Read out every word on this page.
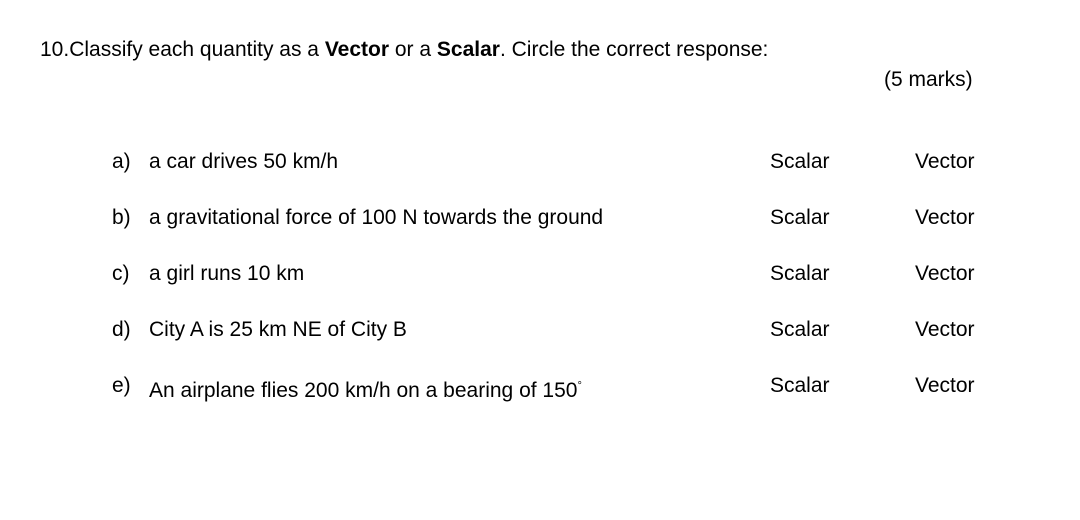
10.Classify each quantity as a Vector or a Scalar. Circle the correct response:
(5 marks)
a) a car drives 50 km/h	Scalar	Vector
b) a gravitational force of 100 N towards the ground	Scalar	Vector
c) a girl runs 10 km	Scalar	Vector
d) City A is 25 km NE of City B	Scalar	Vector
e) An airplane flies 200 km/h on a bearing of 150°	Scalar	Vector
